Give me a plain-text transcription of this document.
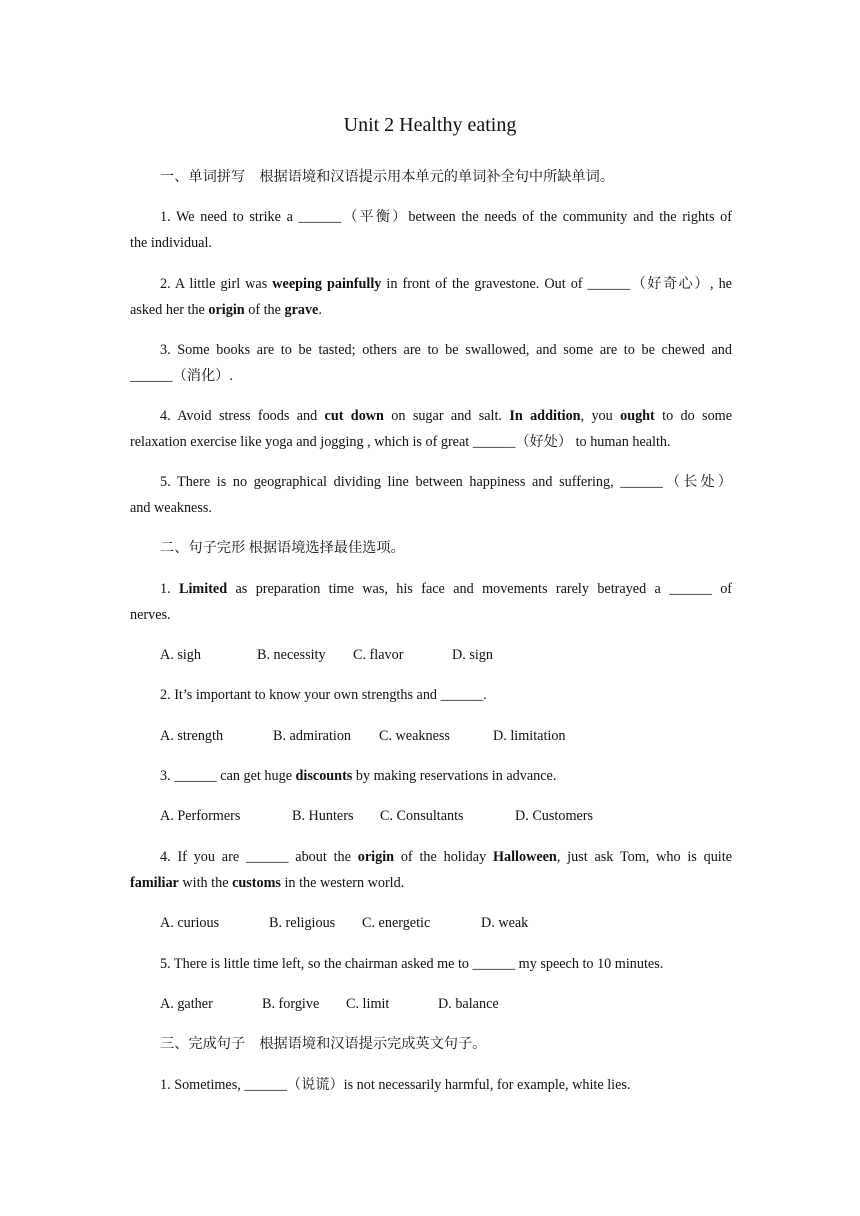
Unit 2 Healthy eating
一、单词拼写　根据语境和汉语提示用本单元的单词补全句中所缺单词。
1. We need to strike a ______（平衡）between the needs of the community and the rights of
the individual.
2. A little girl was weeping painfully in front of the gravestone. Out of ______（好奇心）, he
asked her the origin of the grave.
3. Some books are to be tasted; others are to be swallowed, and some are to be chewed and
______（消化）.
4. Avoid stress foods and cut down on sugar and salt. In addition, you ought to do some
relaxation exercise like yoga and jogging , which is of great ______（好处） to human health.
5. There is no geographical dividing line between happiness and suffering, ______（长处）
and weakness.
二、句子完形 根据语境选择最佳选项。
1. Limited as preparation time was, his face and movements rarely betrayed a ______ of
nerves.
A. sigh	B. necessity C. flavor	D. sign
2. It’s important to know your own strengths and ______.
A. strength	B. admiration C. weakness	D. limitation
3. ______ can get huge discounts by making reservations in advance.
A. Performers	B. Hunters C. Consultants	D. Customers
4. If you are ______ about the origin of the holiday Halloween, just ask Tom, who is quite
familiar with the customs in the western world.
A. curious	B. religious C. energetic	D. weak
5. There is little time left, so the chairman asked me to ______ my speech to 10 minutes.
A. gather	B. forgive C. limit	D. balance
三、完成句子　根据语境和汉语提示完成英文句子。
1. Sometimes, ______（说谎）is not necessarily harmful, for example, white lies.
